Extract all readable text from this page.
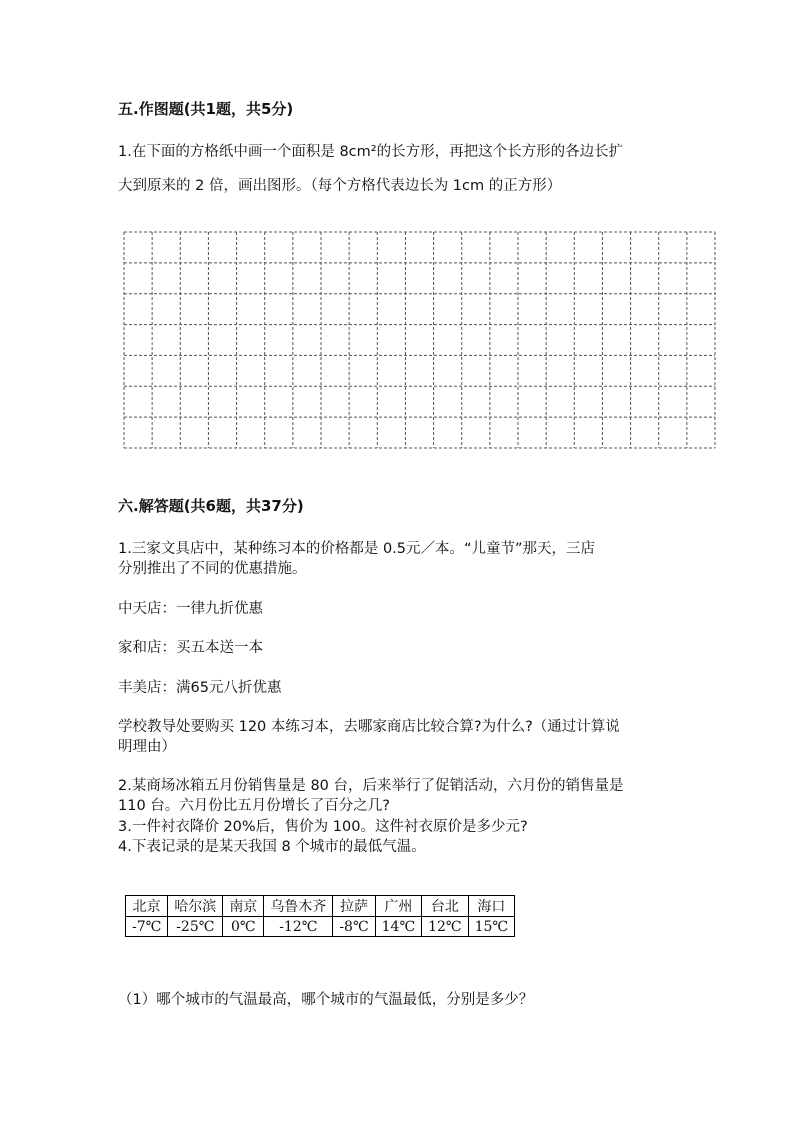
五.作图题(共1题，共5分)
1.在下面的方格纸中画一个面积是 8cm²的长方形，再把这个长方形的各边长扩
大到原来的 2 倍，画出图形。（每个方格代表边长为 1cm 的正方形）
六.解答题(共6题，共37分)
1.三家文具店中，某种练习本的价格都是 0.5元／本。“儿童节”那天，三店
分别推出了不同的优惠措施。
中天店：一律九折优惠
家和店：买五本送一本
丰美店：满65元八折优惠
学校教导处要购买 120 本练习本，去哪家商店比较合算?为什么?（通过计算说
明理由）
2.某商场冰箱五月份销售量是 80 台，后来举行了促销活动，六月份的销售量是
110 台。六月份比五月份增长了百分之几?
3.一件衬衣降价 20%后，售价为 100。这件衬衣原价是多少元?
4.下表记录的是某天我国 8 个城市的最低气温。
北京	哈尔滨	南京	乌鲁木齐	拉萨	广州	台北	海口
-7℃	-25℃	0℃	-12℃	-8℃	14℃	12℃	15℃
（1）哪个城市的气温最高，哪个城市的气温最低，分别是多少？
